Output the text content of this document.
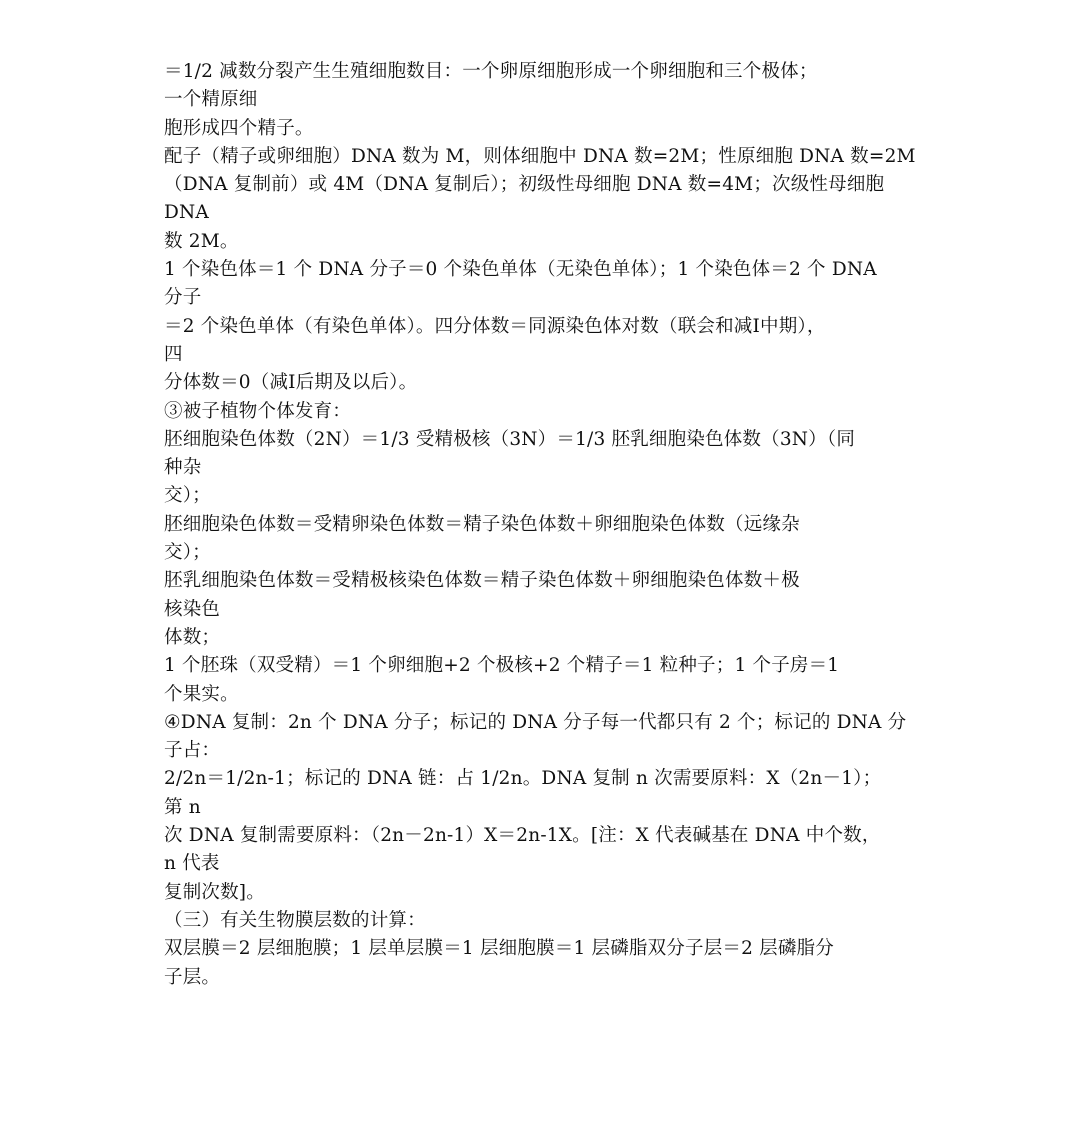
＝1/2 减数分裂产生生殖细胞数目：一个卵原细胞形成一个卵细胞和三个极体；
一个精原细
胞形成四个精子。
配子（精子或卵细胞）DNA 数为 M，则体细胞中 DNA 数=2M；性原细胞 DNA 数=2M
（DNA 复制前）或 4M（DNA 复制后）；初级性母细胞 DNA 数=4M；次级性母细胞
DNA
数 2M。
1 个染色体＝1 个 DNA 分子＝0 个染色单体（无染色单体）；1 个染色体＝2 个 DNA
分子
＝2 个染色单体（有染色单体）。四分体数＝同源染色体对数（联会和减Ⅰ中期），
四
分体数＝0（减Ⅰ后期及以后）。
③被子植物个体发育：
胚细胞染色体数（2N）＝1/3 受精极核（3N）＝1/3 胚乳细胞染色体数（3N）（同
种杂
交）；
胚细胞染色体数＝受精卵染色体数＝精子染色体数＋卵细胞染色体数（远缘杂
交）；
胚乳细胞染色体数＝受精极核染色体数＝精子染色体数＋卵细胞染色体数＋极
核染色
体数；
1 个胚珠（双受精）＝1 个卵细胞+2 个极核+2 个精子＝1 粒种子；1 个子房＝1
个果实。
④DNA 复制：2n 个 DNA 分子；标记的 DNA 分子每一代都只有 2 个；标记的 DNA 分
子占：
2/2n＝1/2n-1；标记的 DNA 链：占 1/2n。DNA 复制 n 次需要原料：X（2n－1）；
第 n
次 DNA 复制需要原料：（2n－2n-1）X＝2n-1X。[注：X 代表碱基在 DNA 中个数，
n 代表
复制次数]。
（三）有关生物膜层数的计算：
双层膜＝2 层细胞膜；1 层单层膜＝1 层细胞膜＝1 层磷脂双分子层＝2 层磷脂分
子层。
